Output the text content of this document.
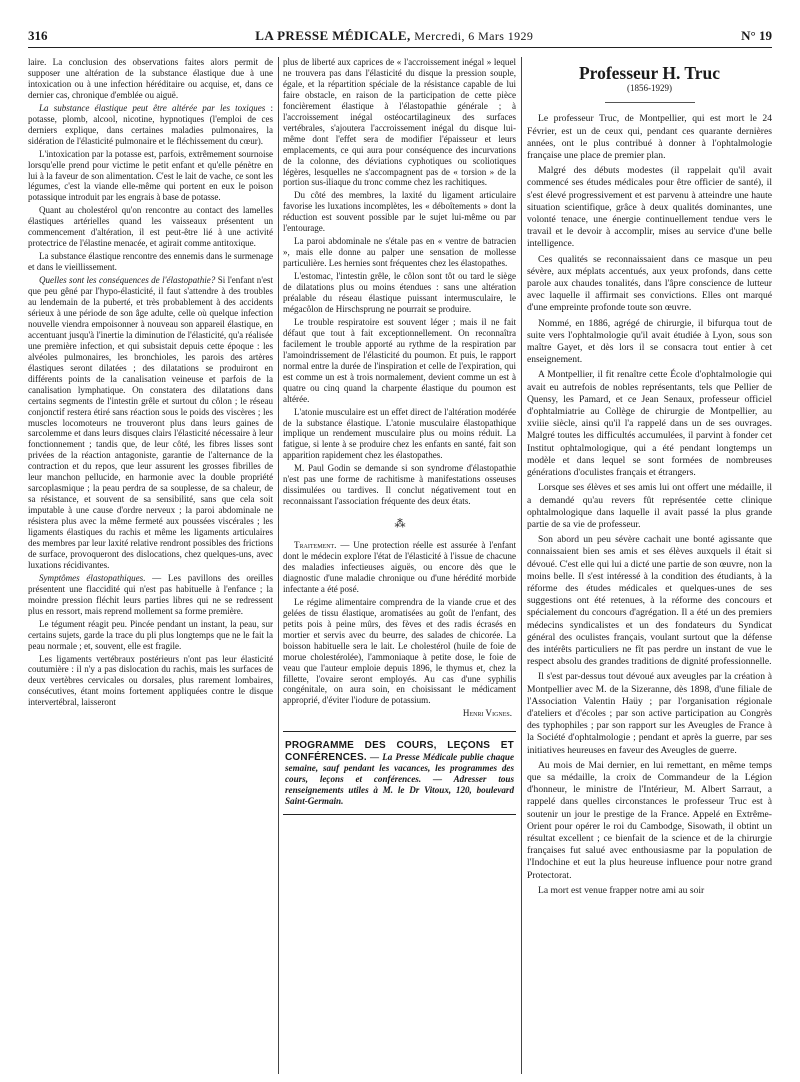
316	LA PRESSE MÉDICALE, Mercredi, 6 Mars 1929	N° 19

laire. La conclusion des observations faites alors permit de supposer une altération de la substance élastique due à une intoxication ou à une infection héréditaire ou acquise, et, dans ce dernier cas, chronique d'emblée ou aiguë.

La substance élastique peut être altérée par les toxiques : potasse, plomb, alcool, nicotine, hypnotiques (l'emploi de ces derniers explique, dans certaines maladies pulmonaires, la sidération de l'élasticité pulmonaire et le fléchissement du cœur).

L'intoxication par la potasse est, parfois, extrêmement sournoise lorsqu'elle prend pour victime le petit enfant et qu'elle pénètre en lui à la faveur de son alimentation. C'est le lait de vache, ce sont les légumes, c'est la viande elle-même qui portent en eux le poison potassique introduit par les engrais à base de potasse.

Quant au cholestérol qu'on rencontre au contact des lamelles élastiques artérielles quand les vaisseaux présentent un commencement d'altération, il est peut-être lié à une activité protectrice de l'élastine menacée, et agirait comme antitoxique.

La substance élastique rencontre des ennemis dans le surmenage et dans le vieillissement.

Quelles sont les conséquences de l'élastopathie? Si l'enfant n'est que peu gêné par l'hypo-élasticité, il faut s'attendre à des troubles au lendemain de la puberté, et très probablement à des accidents sérieux à une période de son âge adulte, celle où quelque infection nouvelle viendra empoisonner à nouveau son appareil élastique, en accentuant jusqu'à l'inertie la diminution de l'élasticité, qu'a réalisée une première infection, et qui subsistait depuis cette époque : les alvéoles pulmonaires, les bronchioles, les parois des artères élastiques seront dilatées ; des dilatations se produiront en différents points de la canalisation veineuse et parfois de la canalisation lymphatique. On constatera des dilatations dans certains segments de l'intestin grêle et surtout du côlon ; le réseau conjonctif restera étiré sans réaction sous le poids des viscères ; les muscles locomoteurs ne trouveront plus dans leurs gaines de sarcolemme et dans leurs disques clairs l'élasticité nécessaire à leur fonctionnement ; tandis que, de leur côté, les fibres lisses sont privées de la réaction antagoniste, garantie de l'alternance de la contraction et du repos, que leur assurent les grosses fibrilles de leur manchon pellucide, en harmonie avec la double propriété sarcoplasmique ; la peau perdra de sa souplesse, de sa chaleur, de sa résistance, et souvent de sa sensibilité, sans que cela soit imputable à une cause d'ordre nerveux ; la paroi abdominale ne résistera plus avec la même fermeté aux poussées viscérales ; les ligaments élastiques du rachis et même les ligaments articulaires des membres par leur laxité relative rendront possibles des frictions de surface, provoqueront des dislocations, chez quelques-uns, avec luxations récidivantes.

Symptômes élastopathiques. — Les pavillons des oreilles présentent une flaccidité qui n'est pas habituelle à l'enfance ; la moindre pression fléchit leurs parties libres qui ne se redressent plus en ressort, mais reprend mollement sa forme première.

Le tégument réagit peu. Pincée pendant un instant, la peau, sur certains sujets, garde la trace du pli plus longtemps que ne le fait la peau normale ; et, souvent, elle est fragile.

Les ligaments vertébraux postérieurs n'ont pas leur élasticité coutumière : il n'y a pas dislocation du rachis, mais les surfaces de deux vertèbres cervicales ou dorsales, plus rarement lombaires, consécutives, étant moins fortement appliquées contre le disque intervertébral, laisseront

plus de liberté aux caprices de « l'accroissement inégal » lequel ne trouvera pas dans l'élasticité du disque la pression souple, égale, et la répartition spéciale de la résistance capable de lui faire obstacle, en raison de la participation de cette pièce foncièrement élastique à l'élastopathie générale ; à l'accroissement inégal ostéocartilagineux des surfaces vertébrales, s'ajoutera l'accroissement inégal du disque lui-même dont l'effet sera de modifier l'épaisseur et leurs emplacements, ce qui aura pour conséquence des incurvations de la colonne, des déviations cyphotiques ou scoliotiques légères, lesquelles ne s'accompagnent pas de « torsion » de la portion sus-iliaque du tronc comme chez les rachitiques.

Du côté des membres, la laxité du ligament articulaire favorise les luxations incomplètes, les « déboîtements » dont la réduction est souvent possible par le sujet lui-même ou par l'entourage.

La paroi abdominale ne s'étale pas en « ventre de batracien », mais elle donne au palper une sensation de mollesse particulière. Les hernies sont fréquentes chez les élastopathes.

L'estomac, l'intestin grêle, le côlon sont tôt ou tard le siège de dilatations plus ou moins étendues : sans une altération préalable du réseau élastique puissant intermusculaire, le mégacôlon de Hirschsprung ne pourrait se produire.

Le trouble respiratoire est souvent léger ; mais il ne fait défaut que tout à fait exceptionnellement. On reconnaîtra facilement le trouble apporté au rythme de la respiration par l'amoindrissement de l'élasticité du poumon. Et puis, le rapport normal entre la durée de l'inspiration et celle de l'expiration, qui est comme un est à trois normalement, devient comme un est à quatre ou cinq quand la charpente élastique du poumon est altérée.

L'atonie musculaire est un effet direct de l'altération modérée de la substance élastique. L'atonie musculaire élastopathique implique un rendement musculaire plus ou moins réduit. La fatigue, si lente à se produire chez les enfants en santé, fait son apparition rapidement chez les élastopathes.

M. Paul Godin se demande si son syndrome d'élastopathie n'est pas une forme de rachitisme à manifestations osseuses dissimulées ou tardives. Il conclut négativement tout en reconnaissant l'association fréquente des deux états.

⁂

Traitement. — Une protection réelle est assurée à l'enfant dont le médecin explore l'état de l'élasticité à l'issue de chacune des maladies infectieuses aiguës, ou encore dès que le diagnostic d'une maladie chronique ou d'une hérédité morbide infectante a été posé.

Le régime alimentaire comprendra de la viande crue et des gelées de tissu élastique, aromatisées au goût de l'enfant, des petits pois à peine mûrs, des fèves et des radis écrasés en mortier et servis avec du beurre, des salades de chicorée. La boisson habituelle sera le lait. Le cholestérol (huile de foie de morue cholestérolée), l'ammoniaque à petite dose, le foie de veau que l'auteur emploie depuis 1896, le thymus et, chez la fillette, l'ovaire seront employés. Au cas d'une syphilis congénitale, on aura soin, en choisissant le médicament approprié, d'éviter l'iodure de potassium.

Henri Vignes.

PROGRAMME DES COURS, LEÇONS ET CONFÉRENCES. — La Presse Médicale publie chaque semaine, sauf pendant les vacances, les programmes des cours, leçons et conférences. — Adresser tous renseignements utiles à M. le Dr Vitoux, 120, boulevard Saint-Germain.
Professeur H. Truc
(1856-1929)

Le professeur Truc, de Montpellier, qui est mort le 24 Février, est un de ceux qui, pendant ces quarante dernières années, ont le plus contribué à donner à l'ophtalmologie française une place de premier plan.

Malgré des débuts modestes (il rappelait qu'il avait commencé ses études médicales pour être officier de santé), il s'est élevé progressivement et est parvenu à atteindre une haute situation scientifique, grâce à deux qualités dominantes, une volonté tenace, une énergie continuellement tendue vers le travail et le devoir à accomplir, mises au service d'une belle intelligence.

Ces qualités se reconnaissaient dans ce masque un peu sévère, aux méplats accentués, aux yeux profonds, dans cette parole aux chaudes tonalités, dans l'âpre conscience de lutteur avec laquelle il affirmait ses convictions. Elles ont marqué d'une empreinte profonde toute son œuvre.

Nommé, en 1886, agrégé de chirurgie, il bifurqua tout de suite vers l'ophtalmologie qu'il avait étudiée à Lyon, sous son maître Gayet, et dès lors il se consacra tout entier à cet enseignement.

A Montpellier, il fit renaître cette École d'ophtalmologie qui avait eu autrefois de nobles représentants, tels que Pellier de Quensy, les Pamard, et ce Jean Senaux, professeur officiel d'ophtalmiatrie au Collège de chirurgie de Montpellier, au xviiie siècle, ainsi qu'il l'a rappelé dans un de ses ouvrages. Malgré toutes les difficultés accumulées, il parvint à fonder cet Institut ophtalmologique, qui a été pendant longtemps un modèle et dans lequel se sont formées de nombreuses générations d'oculistes français et étrangers.

Lorsque ses élèves et ses amis lui ont offert une médaille, il a demandé qu'au revers fût représentée cette clinique ophtalmologique dans laquelle il avait passé la plus grande partie de sa vie de professeur.

Son abord un peu sévère cachait une bonté agissante que connaissaient bien ses amis et ses élèves auxquels il était si dévoué. C'est elle qui lui a dicté une partie de son œuvre, non la moins belle. Il s'est intéressé à la condition des étudiants, à la réforme des études médicales et quelques-unes de ses suggestions ont été retenues, à la réforme des concours et spécialement du concours d'agrégation. Il a été un des premiers médecins syndicalistes et un des fondateurs du Syndicat général des oculistes français, voulant surtout que la défense des intérêts particuliers ne fît pas perdre un instant de vue le respect absolu des grandes traditions de dignité professionnelle.

Il s'est par-dessus tout dévoué aux aveugles par la création à Montpellier avec M. de la Sizeranne, dès 1898, d'une filiale de l'Association Valentin Haüy ; par l'organisation régionale d'ateliers et d'écoles ; par son active participation au Congrès des typhophiles ; par son rapport sur les Aveugles de France à la Société d'ophtalmologie ; pendant et après la guerre, par ses initiatives heureuses en faveur des Aveugles de guerre.

Au mois de Mai dernier, en lui remettant, en même temps que sa médaille, la croix de Commandeur de la Légion d'honneur, le ministre de l'Intérieur, M. Albert Sarraut, a rappelé dans quelles circonstances le professeur Truc est à soutenir un jour le prestige de la France. Appelé en Extrême-Orient pour opérer le roi du Cambodge, Sisowath, il obtint un résultat excellent ; ce bienfait de la science et de la chirurgie françaises fut salué avec enthousiasme par la population de l'Indochine et eut la plus heureuse influence pour notre grand Protectorat.

La mort est venue frapper notre ami au soir
